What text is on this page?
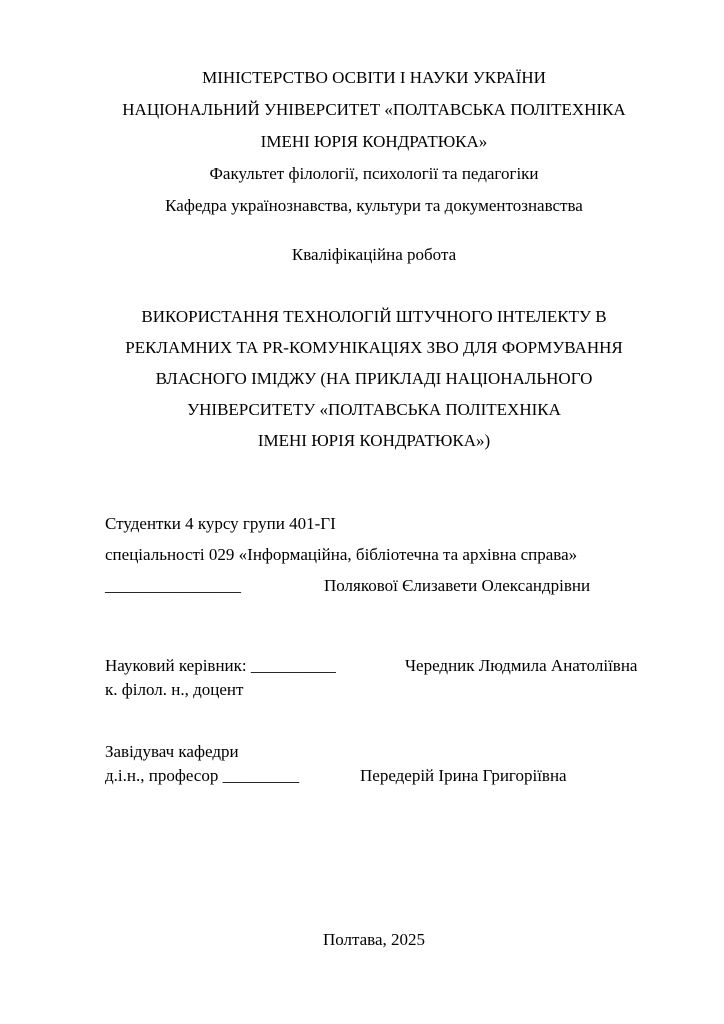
МІНІСТЕРСТВО ОСВІТИ І НАУКИ УКРАЇНИ
НАЦІОНАЛЬНИЙ УНІВЕРСИТЕТ «ПОЛТАВСЬКА ПОЛІТЕХНІКА
ІМЕНІ ЮРІЯ КОНДРАТЮКА»
Факультет філології, психології та педагогіки
Кафедра українознавства, культури та документознавства
Кваліфікаційна робота
ВИКОРИСТАННЯ ТЕХНОЛОГІЙ ШТУЧНОГО ІНТЕЛЕКТУ В
РЕКЛАМНИХ ТА PR-КОМУНІКАЦІЯХ ЗВО ДЛЯ ФОРМУВАННЯ
ВЛАСНОГО ІМІДЖУ (НА ПРИКЛАДІ НАЦІОНАЛЬНОГО
УНІВЕРСИТЕТУ «ПОЛТАВСЬКА ПОЛІТЕХНІКА
ІМЕНІ ЮРІЯ КОНДРАТЮКА»)
Студентки 4 курсу групи 401-ГІ
спеціальності 029 «Інформаційна, бібліотечна та архівна справа»
________________	Полякової Єлизавети Олександрівни
Науковий керівник: __________	Чередник Людмила Анатоліївна
к. філол. н., доцент
Завідувач кафедри
д.і.н., професор _________	Передерій Ірина Григоріївна
Полтава, 2025
